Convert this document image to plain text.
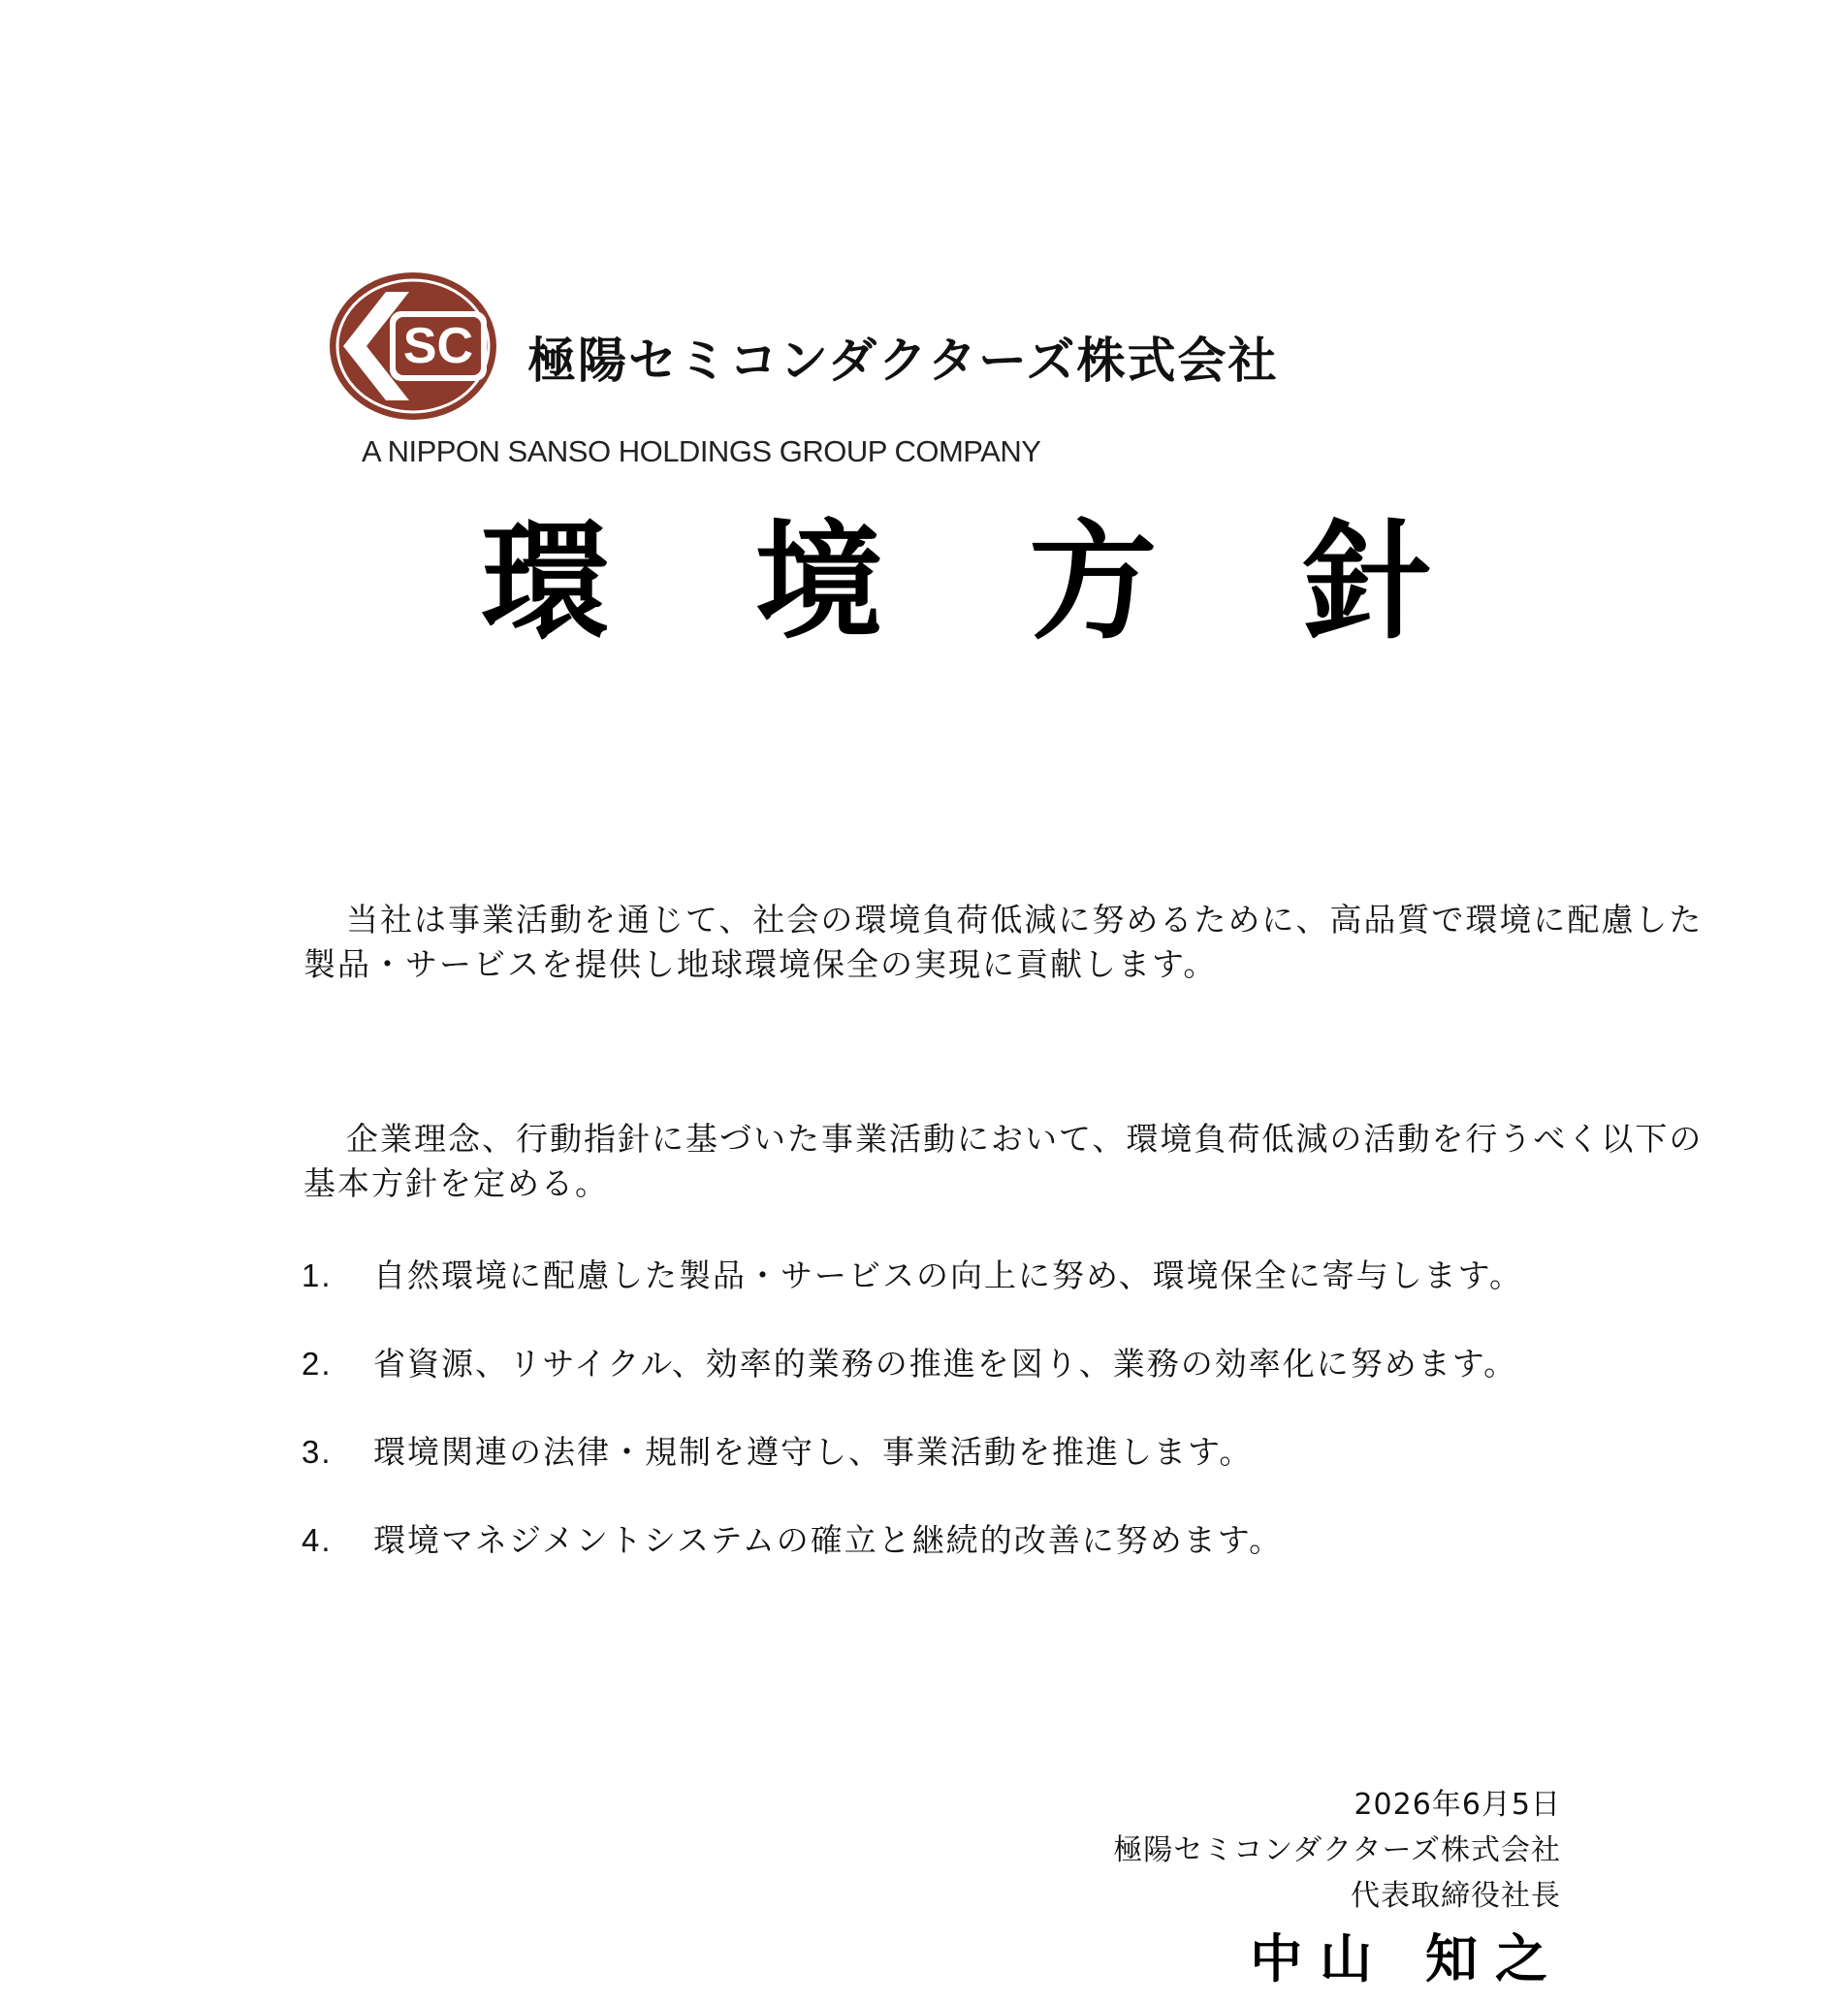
SC 極陽セミコンダクターズ株式会社
A NIPPON SANSO HOLDINGS GROUP COMPANY
環 境 方 針

当社は事業活動を通じて、社会の環境負荷低減に努めるために、高品質で環境に配慮した製品・サービスを提供し地球環境保全の実現に貢献します。

企業理念、行動指針に基づいた事業活動において、環境負荷低減の活動を行うべく以下の基本方針を定める。

1.	自然環境に配慮した製品・サービスの向上に努め、環境保全に寄与します。
2.	省資源、リサイクル、効率的業務の推進を図り、業務の効率化に努めます。
3.	環境関連の法律・規制を遵守し、事業活動を推進します。
4.	環境マネジメントシステムの確立と継続的改善に努めます。
2026年6月5日
極陽セミコンダクターズ株式会社
代表取締役社長
中山 知之
